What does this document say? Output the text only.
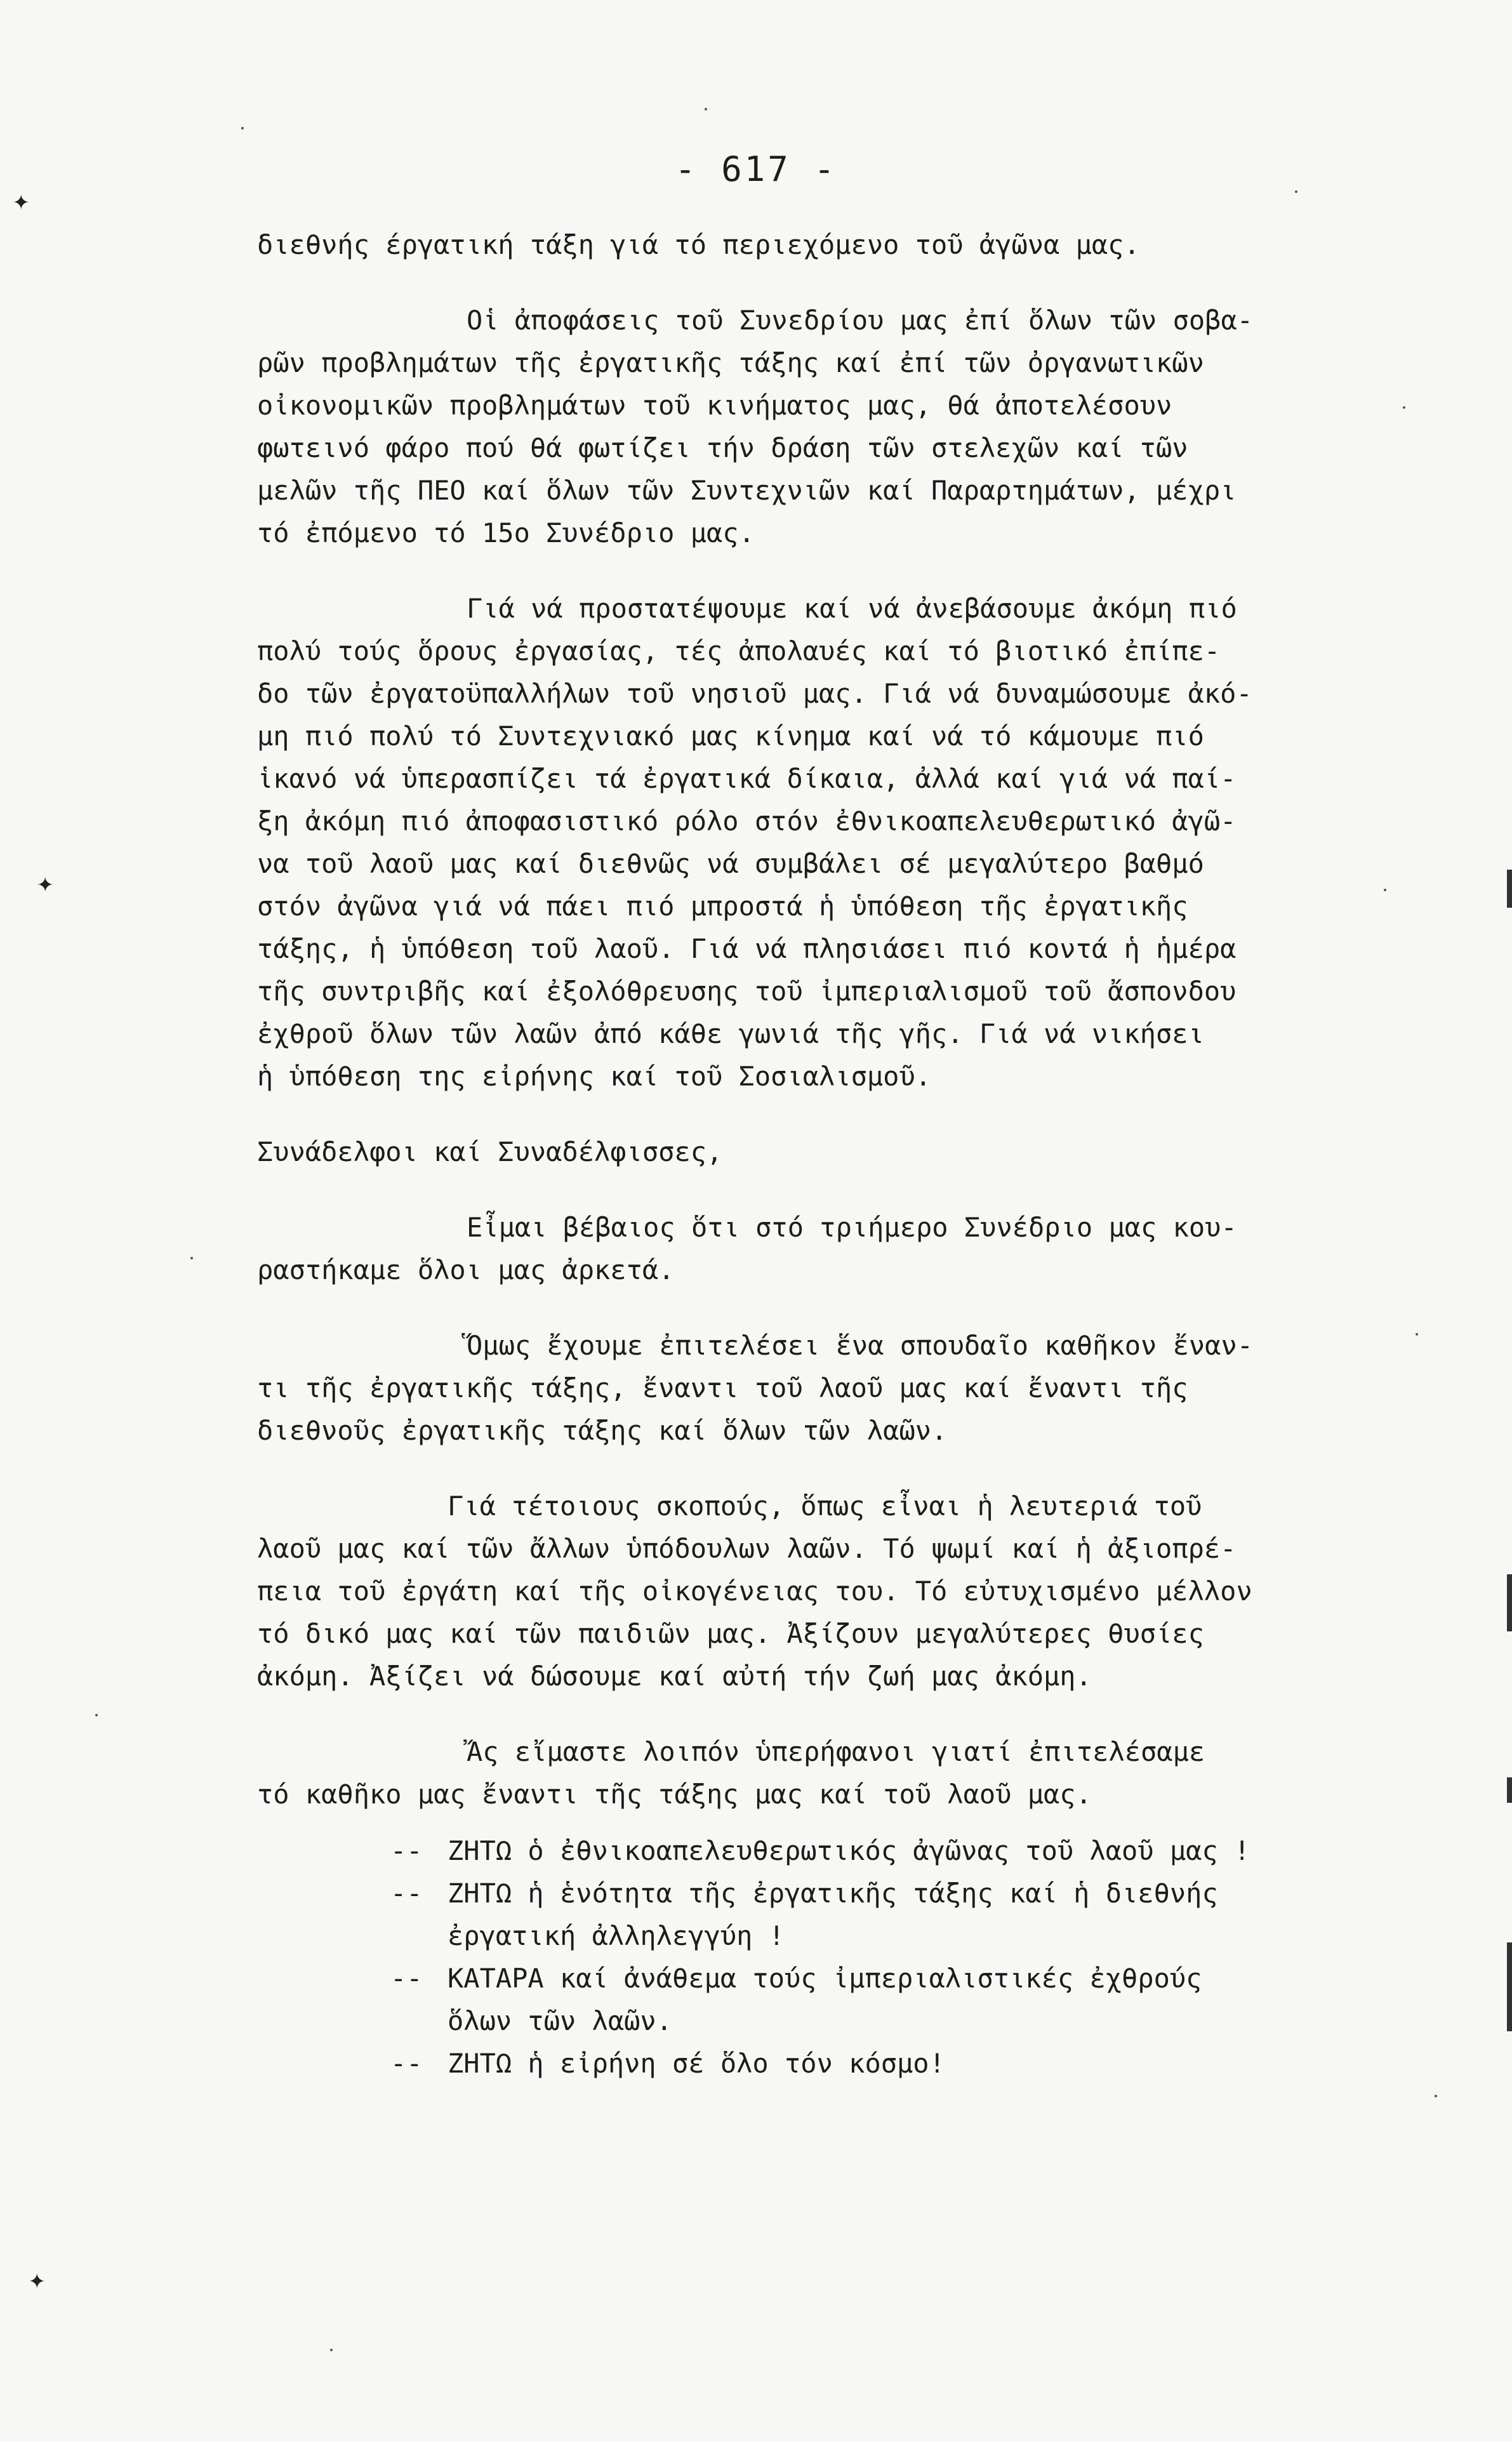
- 617 -
διεθνής έργατική τάξη γιά τό περιεχόμενο τοῦ ἀγῶνα μας.
Οἱ ἀποφάσεις τοῦ Συνεδρίου μας ἐπί ὅλων τῶν σοβα-
ρῶν προβλημάτων τῆς ἐργατικῆς τάξης καί ἐπί τῶν ὀργανωτικῶν
οἰκονομικῶν προβλημάτων τοῦ κινήματος μας, θά ἀποτελέσουν
φωτεινό φάρο πού θά φωτίζει τήν δράση τῶν στελεχῶν καί τῶν
μελῶν τῆς ΠΕΟ καί ὅλων τῶν Συντεχνιῶν καί Παραρτημάτων, μέχρι
τό ἐπόμενο τό 15ο Συνέδριο μας.
Γιά νά προστατέψουμε καί νά ἀνεβάσουμε ἀκόμη πιό
πολύ τούς ὅρους ἐργασίας, τές ἀπολαυές καί τό βιοτικό ἐπίπε-
δο τῶν ἐργατοϋπαλλήλων τοῦ νησιοῦ μας. Γιά νά δυναμώσουμε ἀκό-
μη πιό πολύ τό Συντεχνιακό μας κίνημα καί νά τό κάμουμε πιό
ἱκανό νά ὑπερασπίζει τά ἐργατικά δίκαια, ἀλλά καί γιά νά παί-
ξη ἀκόμη πιό ἀποφασιστικό ρόλο στόν ἐθνικοαπελευθερωτικό ἀγῶ-
να τοῦ λαοῦ μας καί διεθνῶς νά συμβάλει σέ μεγαλύτερο βαθμό
στόν ἀγῶνα γιά νά πάει πιό μπροστά ἡ ὑπόθεση τῆς ἐργατικῆς
τάξης, ἡ ὑπόθεση τοῦ λαοῦ. Γιά νά πλησιάσει πιό κοντά ἡ ἡμέρα
τῆς συντριβῆς καί ἐξολόθρευσης τοῦ ἰμπεριαλισμοῦ τοῦ ἄσπονδου
ἐχθροῦ ὅλων τῶν λαῶν ἀπό κάθε γωνιά τῆς γῆς. Γιά νά νικήσει
ἡ ὑπόθεση της εἰρήνης καί τοῦ Σοσιαλισμοῦ.
Συνάδελφοι καί Συναδέλφισσες,
Εἶμαι βέβαιος ὅτι στό τριήμερο Συνέδριο μας κου-
ραστήκαμε ὅλοι μας ἀρκετά.
Ὅμως ἔχουμε ἐπιτελέσει ἕνα σπουδαῖο καθῆκον ἔναν-
τι τῆς ἐργατικῆς τάξης, ἔναντι τοῦ λαοῦ μας καί ἔναντι τῆς
διεθνοῦς ἐργατικῆς τάξης καί ὅλων τῶν λαῶν.
Γιά τέτοιους σκοπούς, ὅπως εἶναι ἡ λευτεριά τοῦ
λαοῦ μας καί τῶν ἄλλων ὑπόδουλων λαῶν. Τό ψωμί καί ἡ ἀξιοπρέ-
πεια τοῦ ἐργάτη καί τῆς οἰκογένειας του. Τό εὐτυχισμένο μέλλον
τό δικό μας καί τῶν παιδιῶν μας. Ἀξίζουν μεγαλύτερες θυσίες
ἀκόμη. Ἀξίζει νά δώσουμε καί αὐτή τήν ζωή μας ἀκόμη.
Ἄς εἴμαστε λοιπόν ὑπερήφανοι γιατί ἐπιτελέσαμε
τό καθῆκο μας ἔναντι τῆς τάξης μας καί τοῦ λαοῦ μας.
-- ΖΗΤΩ ὁ ἐθνικοαπελευθερωτικός ἀγῶνας τοῦ λαοῦ μας !
-- ΖΗΤΩ ἡ ἑνότητα τῆς ἐργατικῆς τάξης καί ἡ διεθνής
ἐργατική ἀλληλεγγύη !
-- ΚΑΤΑΡΑ καί ἀνάθεμα τούς ἰμπεριαλιστικές ἐχθρούς
ὅλων τῶν λαῶν.
-- ΖΗΤΩ ἡ εἰρήνη σέ ὅλο τόν κόσμο!
✦
✦
✦
